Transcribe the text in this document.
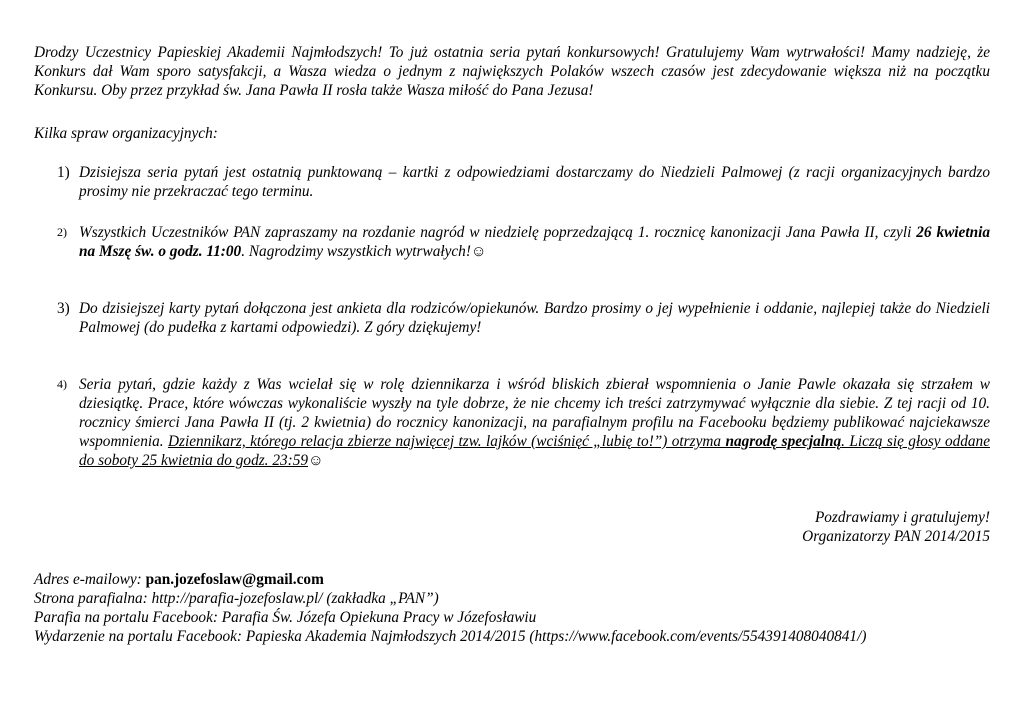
Drodzy Uczestnicy Papieskiej Akademii Najmłodszych! To już ostatnia seria pytań konkursowych! Gratulujemy Wam wytrwałości! Mamy nadzieję, że Konkurs dał Wam sporo satysfakcji, a Wasza wiedza o jednym z największych Polaków wszech czasów jest zdecydowanie większa niż na początku Konkursu. Oby przez przykład św. Jana Pawła II rosła także Wasza miłość do Pana Jezusa!

Kilka spraw organizacyjnych:

1) Dzisiejsza seria pytań jest ostatnią punktowaną – kartki z odpowiedziami dostarczamy do Niedzieli Palmowej (z racji organizacyjnych bardzo prosimy nie przekraczać tego terminu.
2) Wszystkich Uczestników PAN zapraszamy na rozdanie nagród w niedzielę poprzedzającą 1. rocznicę kanonizacji Jana Pawła II, czyli 26 kwietnia na Mszę św. o godz. 11:00. Nagrodzimy wszystkich wytrwałych!☺
3) Do dzisiejszej karty pytań dołączona jest ankieta dla rodziców/opiekunów. Bardzo prosimy o jej wypełnienie i oddanie, najlepiej także do Niedzieli Palmowej (do pudełka z kartami odpowiedzi). Z góry dziękujemy!
4) Seria pytań, gdzie każdy z Was wcielał się w rolę dziennikarza i wśród bliskich zbierał wspomnienia o Janie Pawle okazała się strzałem w dziesiątkę. Prace, które wówczas wykonaliście wyszły na tyle dobrze, że nie chcemy ich treści zatrzymywać wyłącznie dla siebie. Z tej racji od 10. rocznicy śmierci Jana Pawła II (tj. 2 kwietnia) do rocznicy kanonizacji, na parafialnym profilu na Facebooku będziemy publikować najciekawsze wspomnienia. Dziennikarz, którego relacja zbierze najwięcej tzw. lajków (wciśnięć „lubię to!”) otrzyma nagrodę specjalną. Liczą się głosy oddane do soboty 25 kwietnia do godz. 23:59☺
Pozdrawiamy i gratulujemy!
Organizatorzy PAN 2014/2015
Adres e-mailowy: pan.jozefoslaw@gmail.com
Strona parafialna: http://parafia-jozefoslaw.pl/ (zakładka „PAN”)
Parafia na portalu Facebook: Parafia Św. Józefa Opiekuna Pracy w Józefosławiu
Wydarzenie na portalu Facebook: Papieska Akademia Najmłodszych 2014/2015 (https://www.facebook.com/events/554391408040841/)
